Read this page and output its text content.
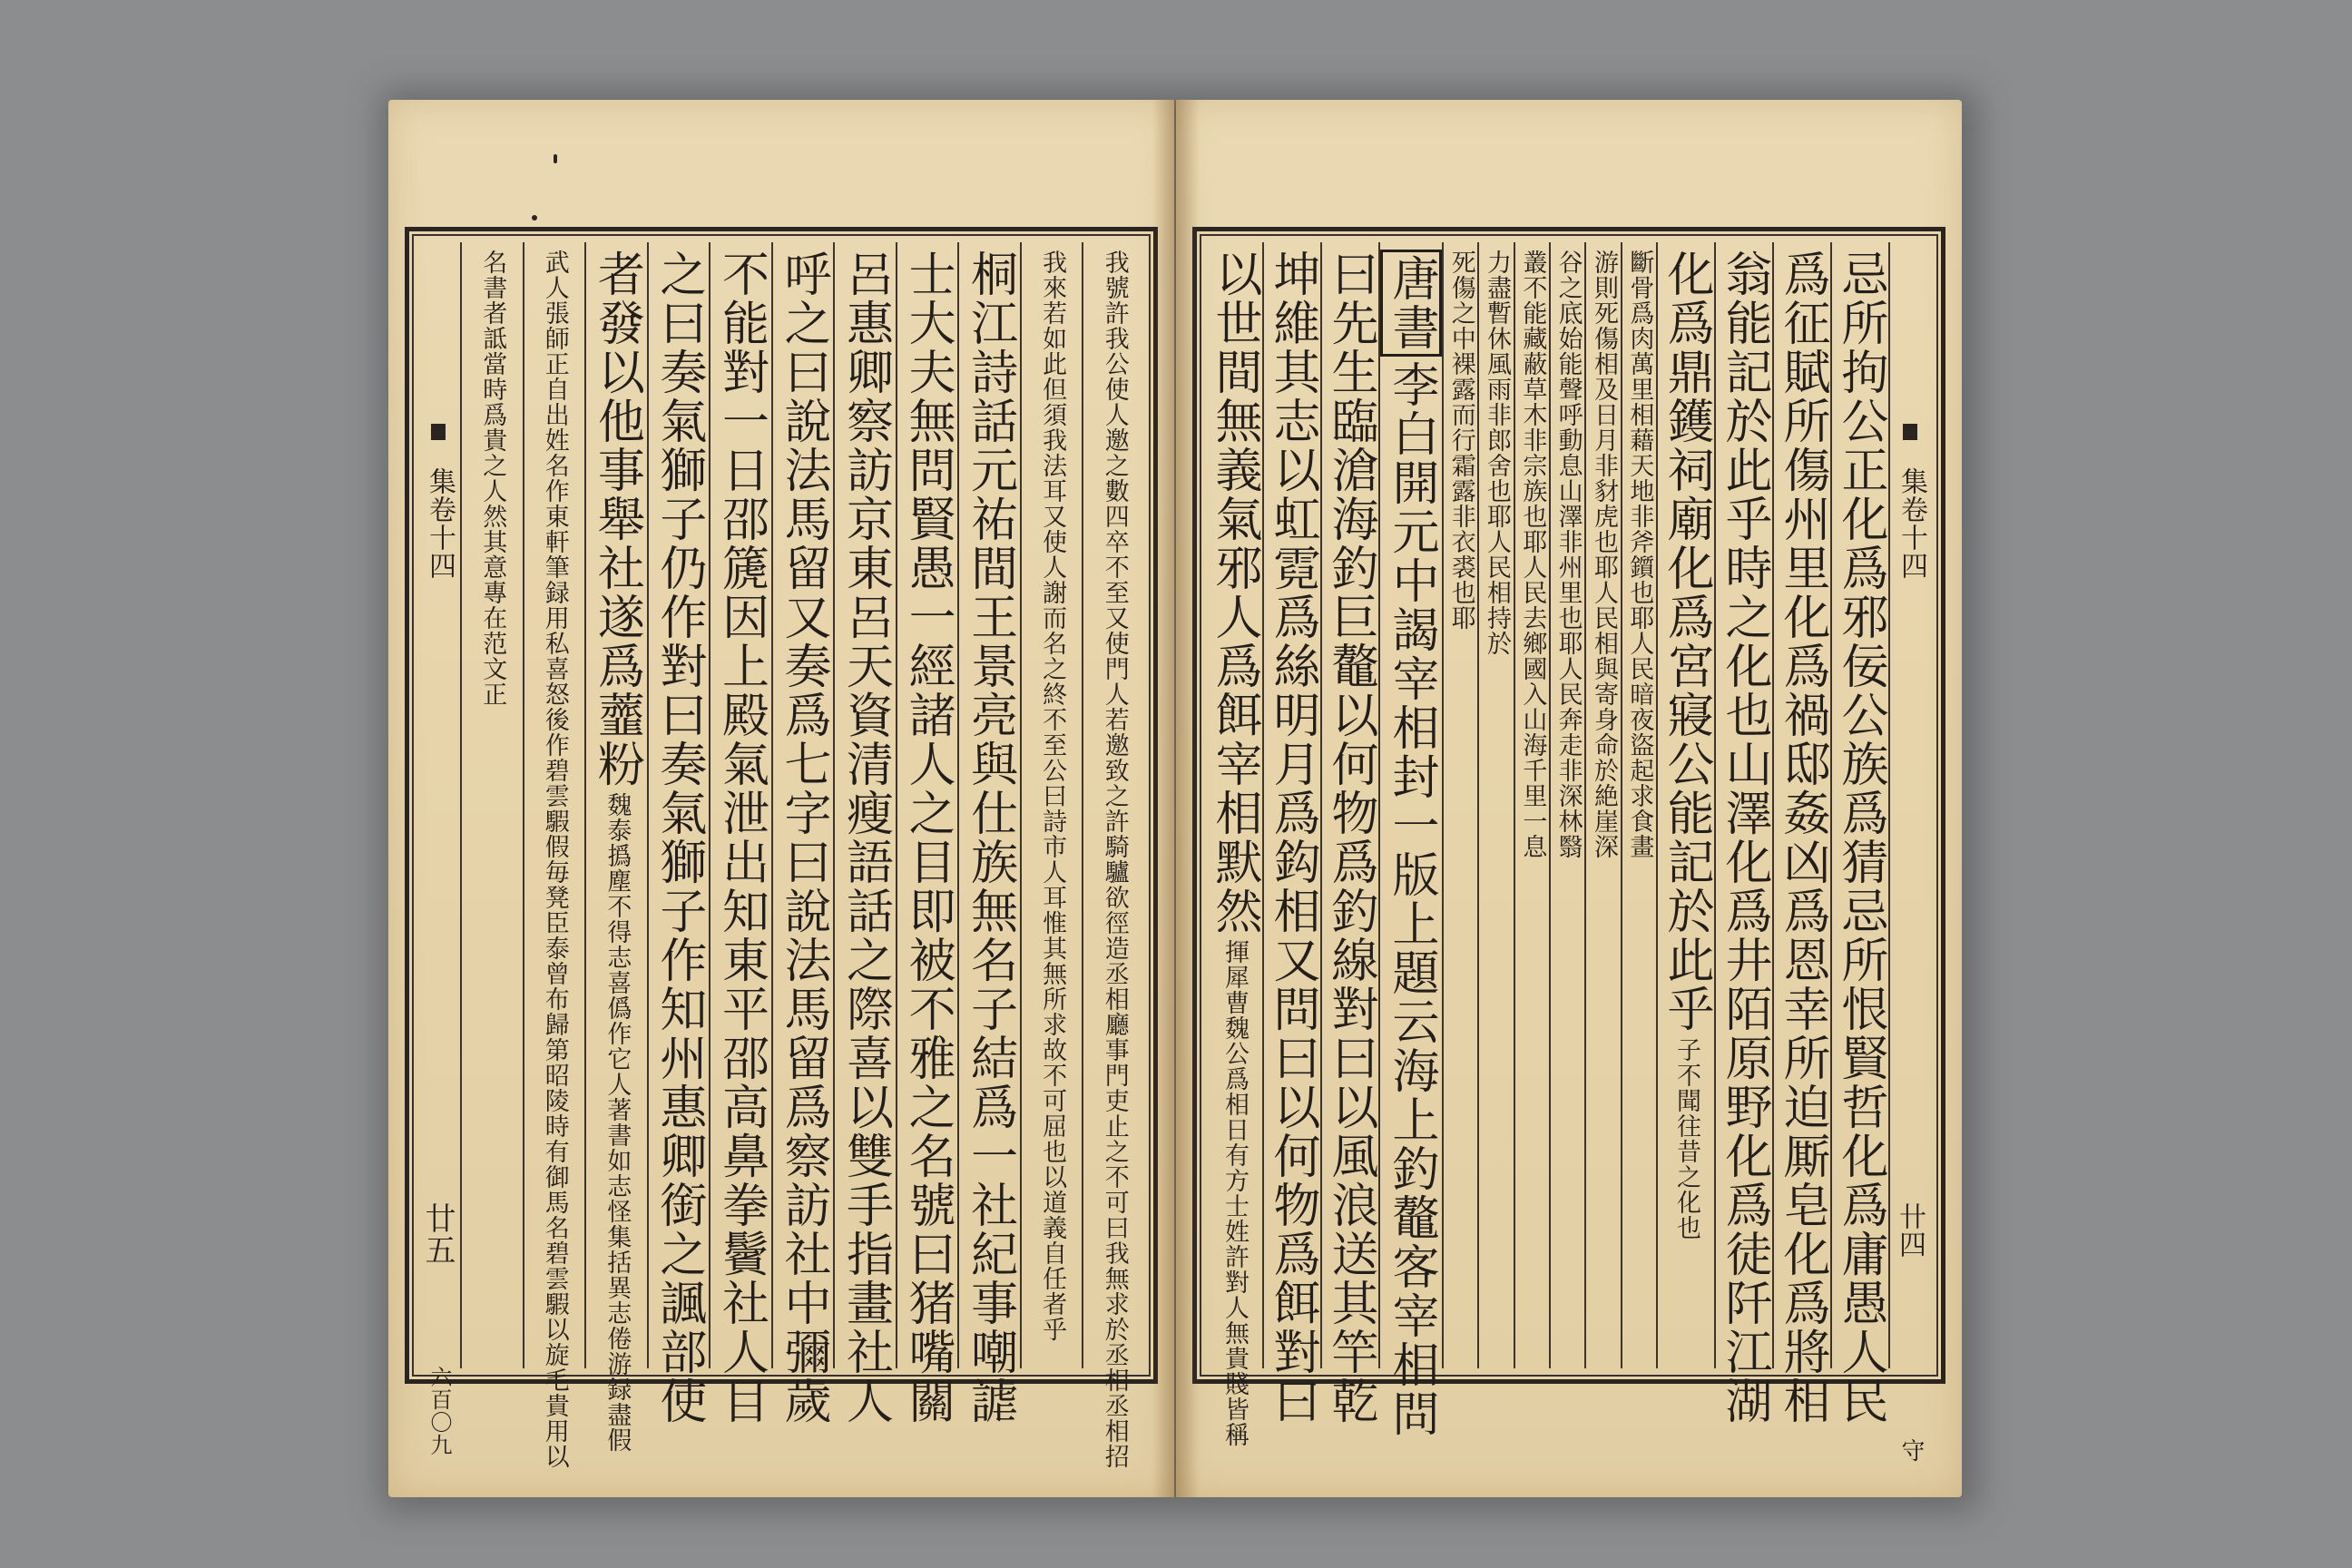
我號許我公使人邀之數四卒不至又使門人若邀致之許騎驢欲徑造丞相廳事門吏止之不可曰我無求於丞相丞相招
我來若如此但須我法耳又使人謝而名之終不至公曰詩市人耳惟其無所求故不可屈也以道義自任者乎
桐江詩話元祐間王景亮與仕族無名子結爲一社紀事嘲謔
士大夫無問賢愚一經諸人之目即被不雅之名號曰猪嘴關
呂惠卿察訪京東呂天資清瘦語話之際喜以雙手指畫社人
呼之曰說法馬留又奏爲七字曰說法馬留爲察訪社中彌歲
不能對一日邵篪因上殿氣泄出知東平邵高鼻拳鬢社人目
之曰奏氣獅子仍作對曰奏氣獅子作知州惠卿銜之諷部使
者發以他事舉社遂爲虀粉
魏泰撝塵不得志喜僞作它人著書如志怪集括異志倦游録盡假
武人張師正自出姓名作東軒筆録用私喜怒後作碧雲騢假毎凳臣泰曾布歸第昭陵時有御馬名碧雲騢以旋毛貴用以
名書者詆當時爲貴之人然其意專在范文正
集卷十四
廿五
六百〇九
集卷十四
卄四
守
忌所拘公正化爲邪佞公族爲猜忌所恨賢哲化爲庸愚人民
爲征賦所傷州里化爲禍邸姦凶爲恩幸所迫厮皂化爲將相
翁能記於此乎時之化也山澤化爲井陌原野化爲徒阡江湖
化爲鼎鑊祠廟化爲宮寢公能記於此乎
子不聞往昔之化也
斷骨爲肉萬里相藉天地非斧鑕也耶人民暗夜盜起求食畫
游則死傷相及日月非豺虎也耶人民相與寄身命於絶崖深
谷之底始能聲呼動息山澤非州里也耶人民奔走非深林翳
叢不能藏蔽草木非宗族也耶人民去鄉國入山海千里一息
力盡暫休風雨非郎舍也耶人民相持於
死傷之中裸露而行霜露非衣裘也耶
唐書李白開元中謁宰相封一版上題云海上釣鼇客宰相問
曰先生臨滄海釣巨鼇以何物爲釣線對曰以風浪送其竿乾
坤維其志以虹霓爲絲明月爲鈎相又問曰以何物爲餌對曰
以世間無義氣邪人爲餌宰相默然
揮犀曹魏公爲相日有方士姓許對人無貴賤皆稱
